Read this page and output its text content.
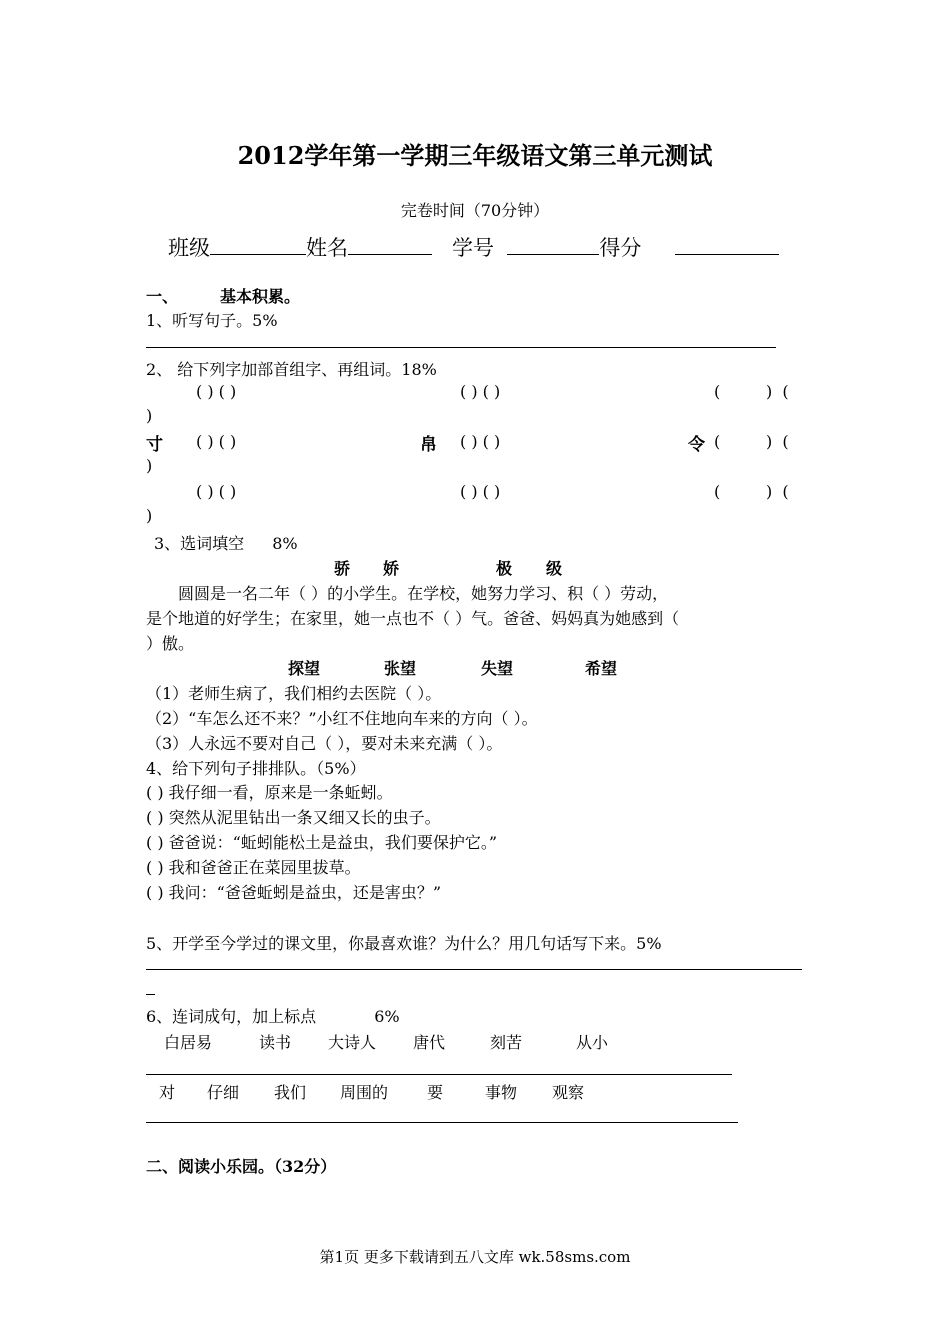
2012学年第一学期三年级语文第三单元测试
完卷时间（70分钟）
班级	姓名	学号	得分
一、	基本积累。
1、听写句子。5%
2、 给下列字加部首组字、再组词。18%
( ) ( )	( ) ( )	(         )  (
)
寸 ( ) ( )	帛 ( ) ( )	令 (         )  (
)
( ) ( )	( ) ( )	(         )  (
)
3、选词填空 8%
骄 娇	极 级
圆圆是一名二年（ ）的小学生。在学校，她努力学习、积（ ）劳动，
是个地道的好学生；在家里，她一点也不（ ）气。爸爸、妈妈真为她感到（
）傲。
探望	张望	失望	希望
（1）老师生病了，我们相约去医院（ ）。
（2）“车怎么还不来？”小红不住地向车来的方向（ ）。
（3）人永远不要对自己（ ），要对未来充满（ ）。
4、给下列句子排排队。（5%）
( ) 我仔细一看，原来是一条蚯蚓。
( ) 突然从泥里钻出一条又细又长的虫子。
( ) 爸爸说：“蚯蚓能松土是益虫，我们要保护它。”
( ) 我和爸爸正在菜园里拔草。
( ) 我问：“爸爸蚯蚓是益虫，还是害虫？”
5、开学至今学过的课文里，你最喜欢谁？为什么？用几句话写下来。5%
6、连词成句，加上标点	6%
白居易	读书 大诗人 唐代	刻苦	从小
对 仔细 我们 周围的 要	事物 观察
二、阅读小乐园。（32分）
第1页 更多下载请到五八文库 wk.58sms.com
